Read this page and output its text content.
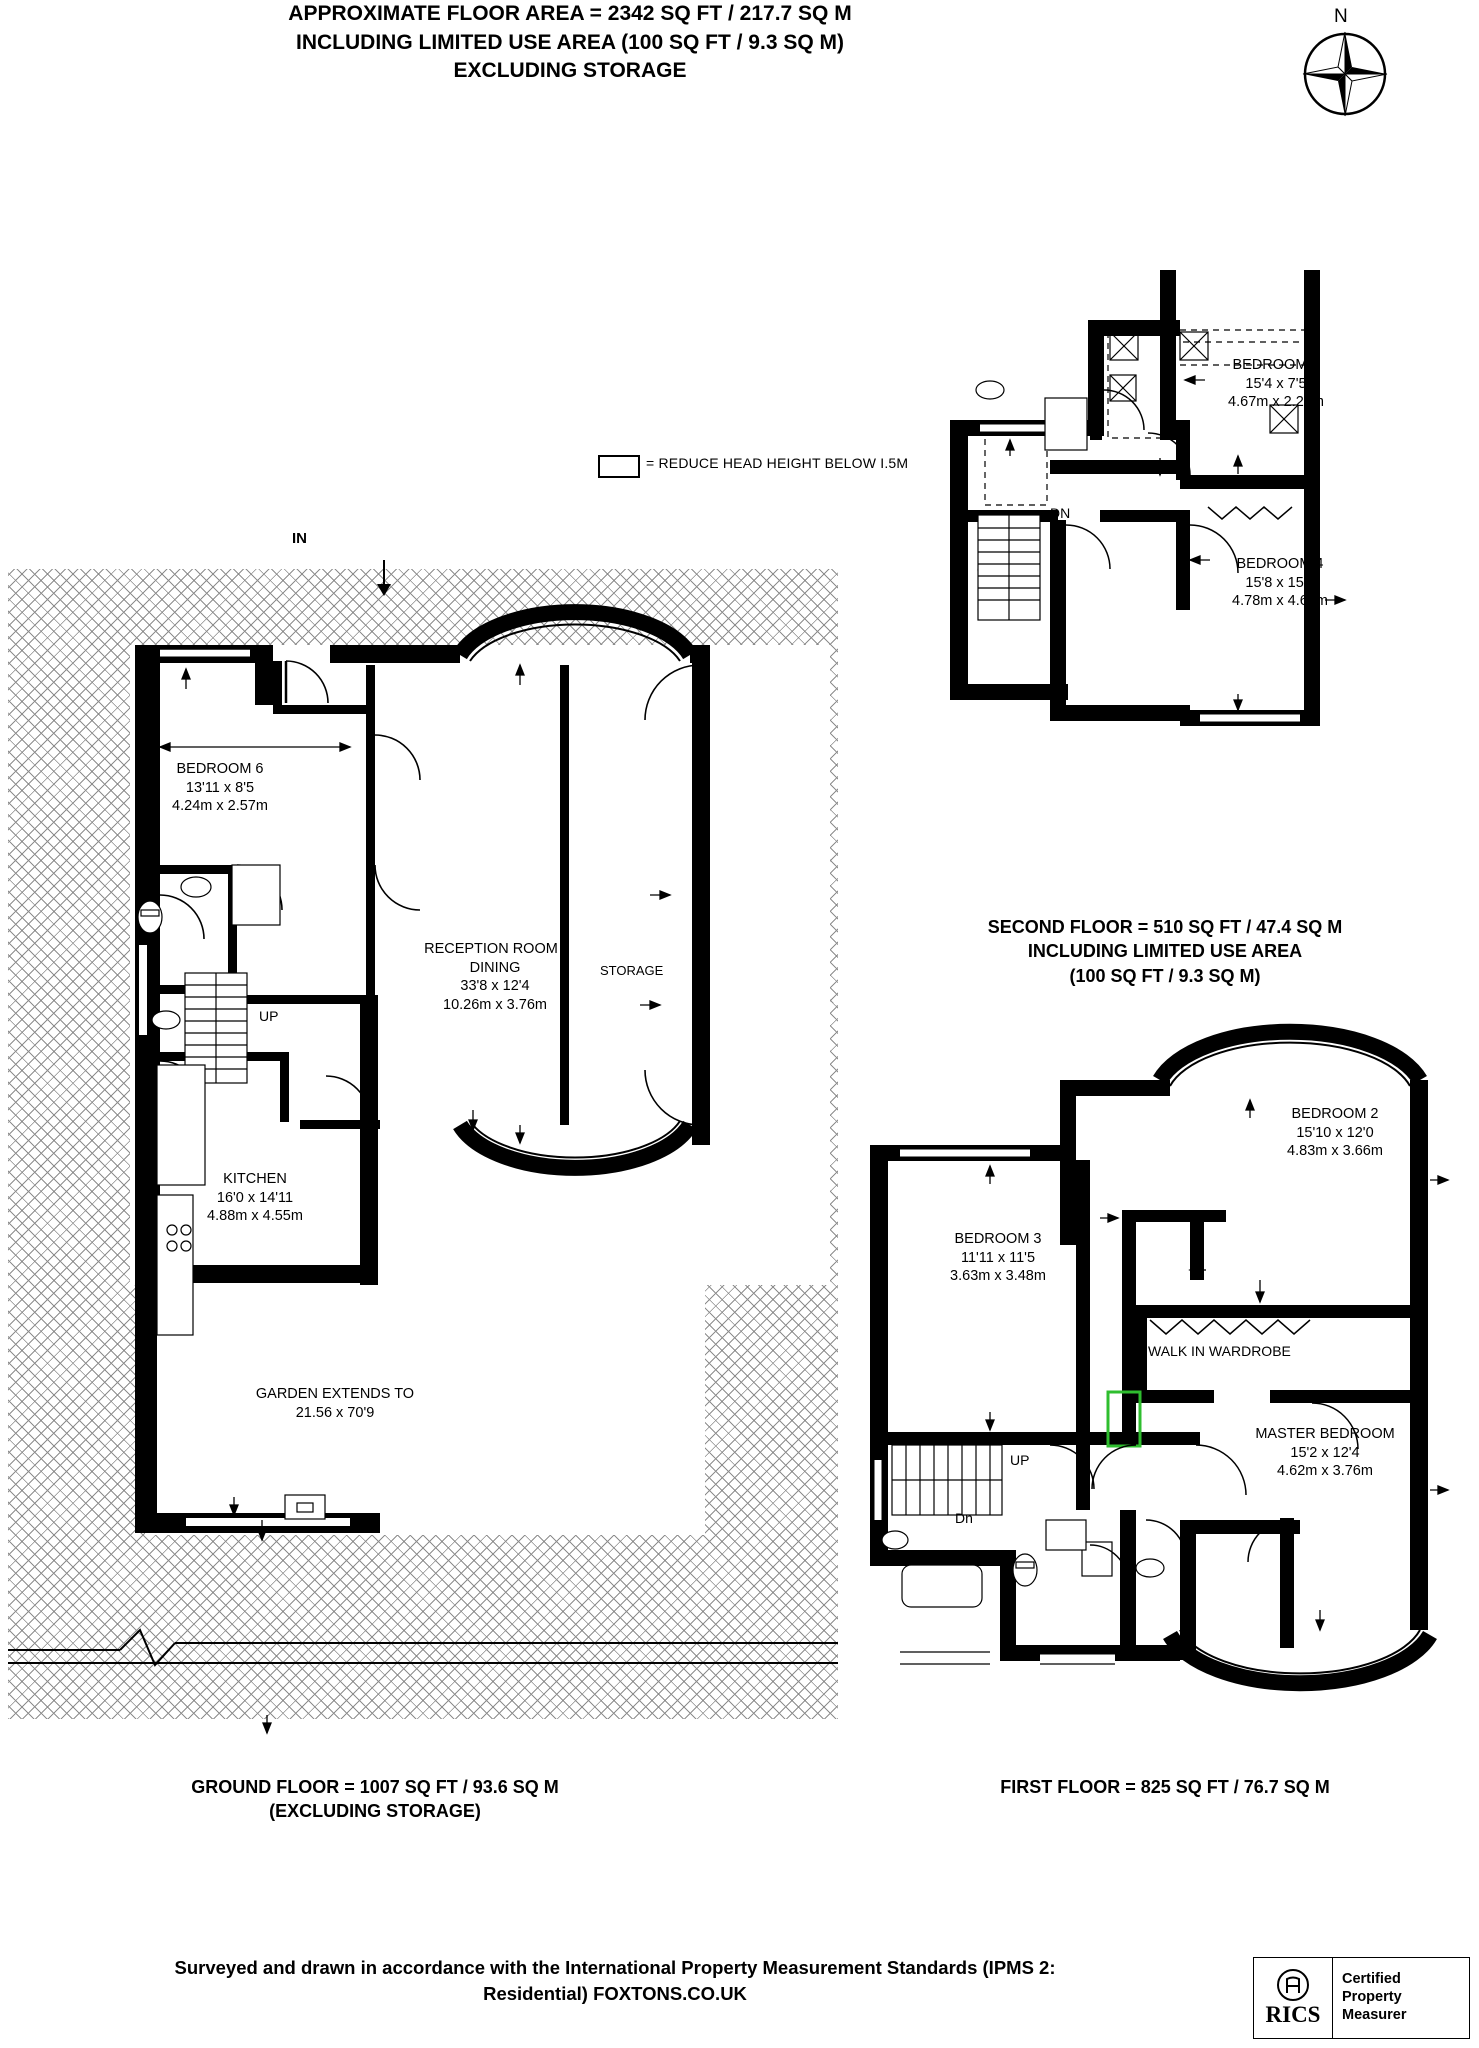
APPROXIMATE FLOOR AREA = 2342 SQ FT / 217.7 SQ M
INCLUDING LIMITED USE AREA (100 SQ FT / 9.3 SQ M)
EXCLUDING STORAGE
N
= REDUCE HEAD HEIGHT BELOW I.5M
BEDROOM 6
13'11 x 8'5
4.24m x 2.57m
RECEPTION ROOM /
DINING
33'8 x 12'4
10.26m x 3.76m
KITCHEN
16'0 x 14'11
4.88m x 4.55m
STORAGE
IN
UP
GARDEN EXTENDS TO
21.56 x 70'9
GROUND FLOOR = 1007 SQ FT / 93.6 SQ M
(EXCLUDING STORAGE)
BEDROOM 5
15'4 x 7'5
4.67m x 2.26m
BEDROOM 4
15'8 x 15'4
4.78m x 4.67m
DN
SECOND FLOOR = 510 SQ FT / 47.4 SQ M
INCLUDING LIMITED USE AREA
(100 SQ FT / 9.3 SQ M)
BEDROOM 2
15'10 x 12'0
4.83m x 3.66m
BEDROOM 3
11'11 x 11'5
3.63m x 3.48m
MASTER BEDROOM
15'2 x 12'4
4.62m x 3.76m
WALK IN WARDROBE
UP
Dn
FIRST FLOOR = 825 SQ FT / 76.7 SQ M
Surveyed and drawn in accordance with the International Property Measurement Standards (IPMS 2:
Residential) FOXTONS.CO.UK
RICS
Certified
Property
Measurer
